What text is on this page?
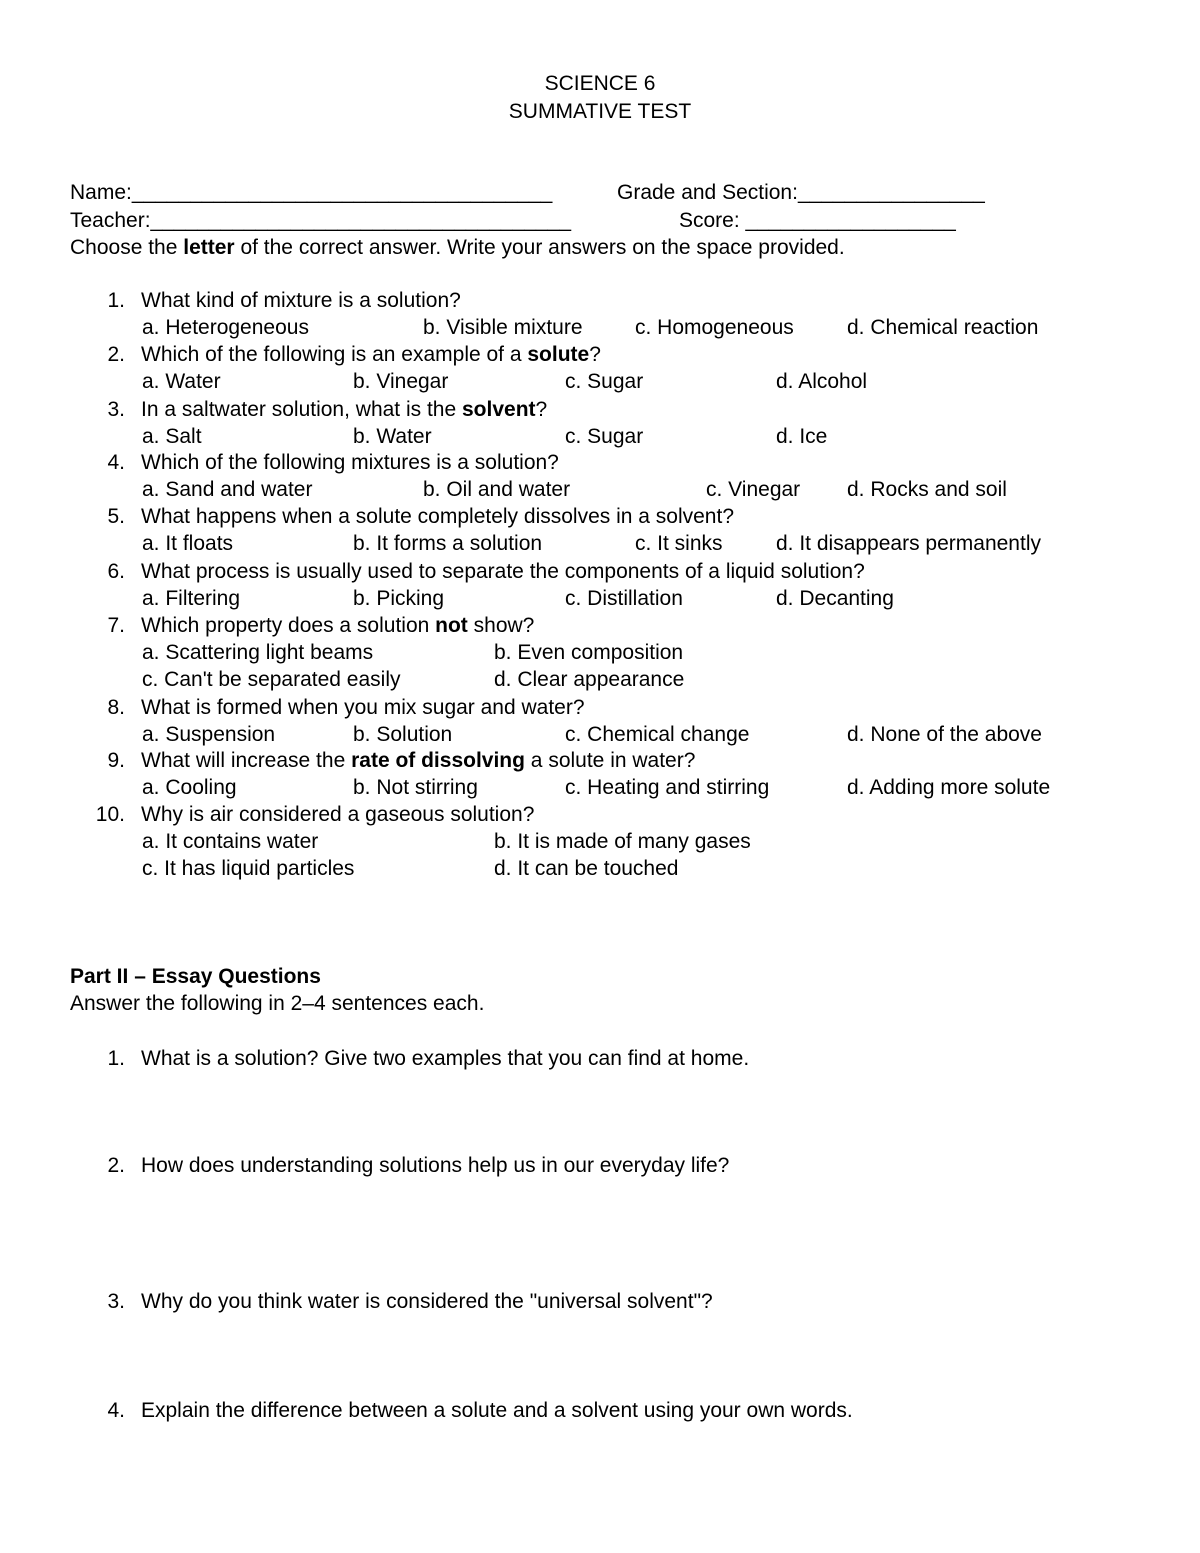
SCIENCE 6
SUMMATIVE TEST
Name:____________________________________	Grade and Section:________________
Teacher:____________________________________	Score: __________________
Choose the letter of the correct answer. Write your answers on the space provided.
Part II – Essay Questions
Answer the following in 2–4 sentences each.
1. What kind of mixture is a solution?
a. Heterogeneous	b. Visible mixture c. Homogeneous	d. Chemical reaction
2. Which of the following is an example of a solute?
a. Water	b. Vinegar	c. Sugar	d. Alcohol
3. In a saltwater solution, what is the solvent?
a. Salt	b. Water	c. Sugar	d. Ice
4. Which of the following mixtures is a solution?
a. Sand and water	b. Oil and water	c. Vinegar d. Rocks and soil
5. What happens when a solute completely dissolves in a solvent?
a. It floats	b. It forms a solution	c. It sinks	d. It disappears permanently
6. What process is usually used to separate the components of a liquid solution?
a. Filtering	b. Picking	c. Distillation	d. Decanting
7. Which property does a solution not show?
a. Scattering light beams	b. Even composition
c. Can't be separated easily	d. Clear appearance
8. What is formed when you mix sugar and water?
a. Suspension	b. Solution	c. Chemical change	d. None of the above
9. What will increase the rate of dissolving a solute in water?
a. Cooling	b. Not stirring	c. Heating and stirring	d. Adding more solute
10. Why is air considered a gaseous solution?
a. It contains water	b. It is made of many gases
c. It has liquid particles	d. It can be touched
1. What is a solution? Give two examples that you can find at home.
2. How does understanding solutions help us in our everyday life?
3. Why do you think water is considered the "universal solvent"?
4. Explain the difference between a solute and a solvent using your own words.
